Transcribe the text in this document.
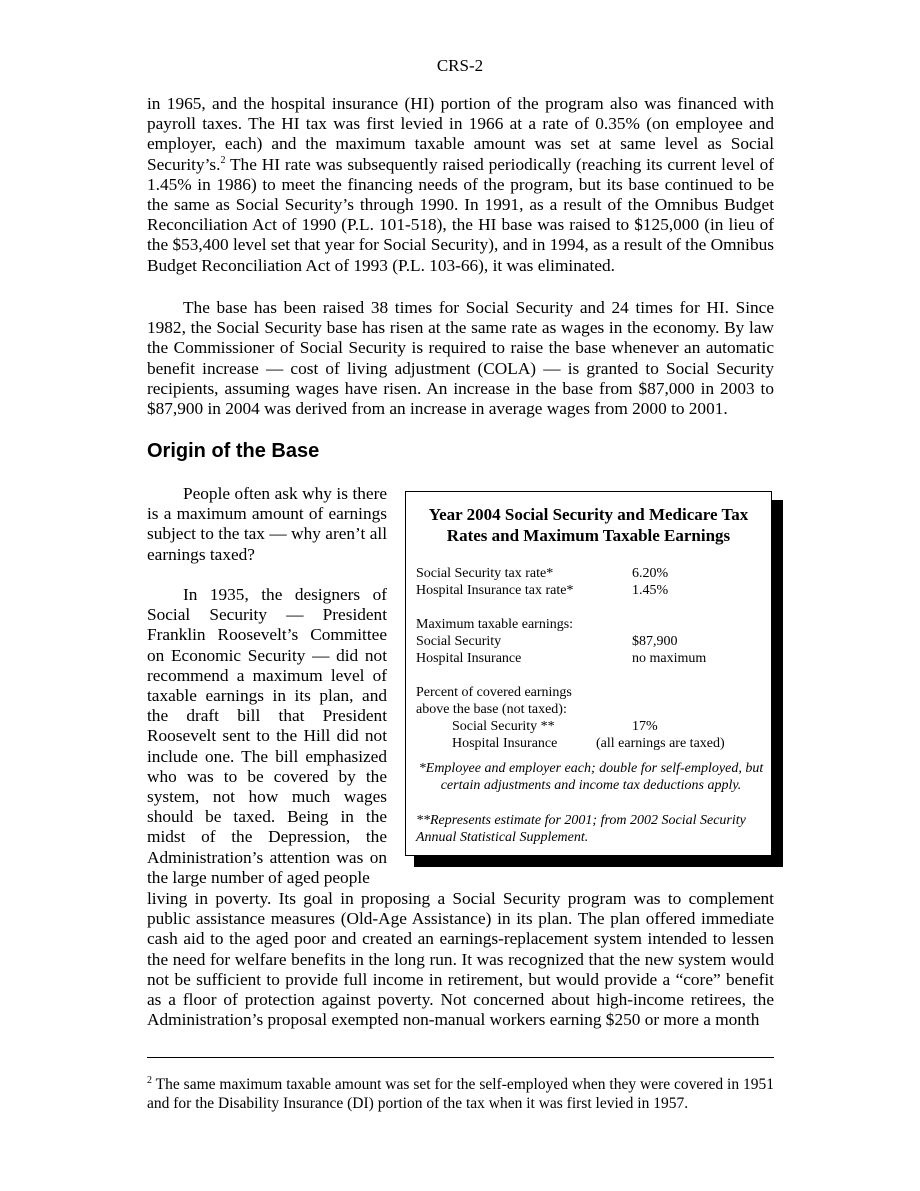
CRS-2

in 1965, and the hospital insurance (HI) portion of the program also was financed with payroll taxes. The HI tax was first levied in 1966 at a rate of 0.35% (on employee and employer, each) and the maximum taxable amount was set at same level as Social Security’s.$^2$ The HI rate was subsequently raised periodically (reaching its current level of 1.45% in 1986) to meet the financing needs of the program, but its base continued to be the same as Social Security’s through 1990. In 1991, as a result of the Omnibus Budget Reconciliation Act of 1990 (P.L. 101-518), the HI base was raised to $125,000 (in lieu of the $53,400 level set that year for Social Security), and in 1994, as a result of the Omnibus Budget Reconciliation Act of 1993 (P.L. 103-66), it was eliminated.

The base has been raised 38 times for Social Security and 24 times for HI. Since 1982, the Social Security base has risen at the same rate as wages in the economy. By law the Commissioner of Social Security is required to raise the base whenever an automatic benefit increase — cost of living adjustment (COLA) — is granted to Social Security recipients, assuming wages have risen. An increase in the base from $87,000 in 2003 to $87,900 in 2004 was derived from an increase in average wages from 2000 to 2001.

Origin of the Base

People often ask why is there is a maximum amount of earnings subject to the tax — why aren’t all earnings taxed?

In 1935, the designers of Social Security — President Franklin Roosevelt’s Committee on Economic Security — did not recommend a maximum level of taxable earnings in its plan, and the draft bill that President Roosevelt sent to the Hill did not include one. The bill emphasized who was to be covered by the system, not how much wages should be taxed. Being in the midst of the Depression, the Administration’s attention was on the large number of aged people

living in poverty. Its goal in proposing a Social Security program was to complement public assistance measures (Old-Age Assistance) in its plan. The plan offered immediate cash aid to the aged poor and created an earnings-replacement system intended to lessen the need for welfare benefits in the long run. It was recognized that the new system would not be sufficient to provide full income in retirement, but would provide a “core” benefit as a floor of protection against poverty. Not concerned about high-income retirees, the Administration’s proposal exempted non-manual workers earning $250 or more a month

Year 2004 Social Security and Medicare Tax
Rates and Maximum Taxable Earnings

Social Security tax rate*	6.20%
Hospital Insurance tax rate*	1.45%
Maximum taxable earnings:
Social Security	$87,900
Hospital Insurance	no maximum
Percent of covered earnings
above the base (not taxed):
Social Security **	17%
Hospital Insurance	(all earnings are taxed)

*Employee and employer each; double for self-employed, but certain adjustments and income tax deductions apply.

**Represents estimate for 2001; from 2002 Social Security Annual Statistical Supplement.

$^2$ The same maximum taxable amount was set for the self-employed when they were covered in 1951 and for the Disability Insurance (DI) portion of the tax when it was first levied in 1957.
